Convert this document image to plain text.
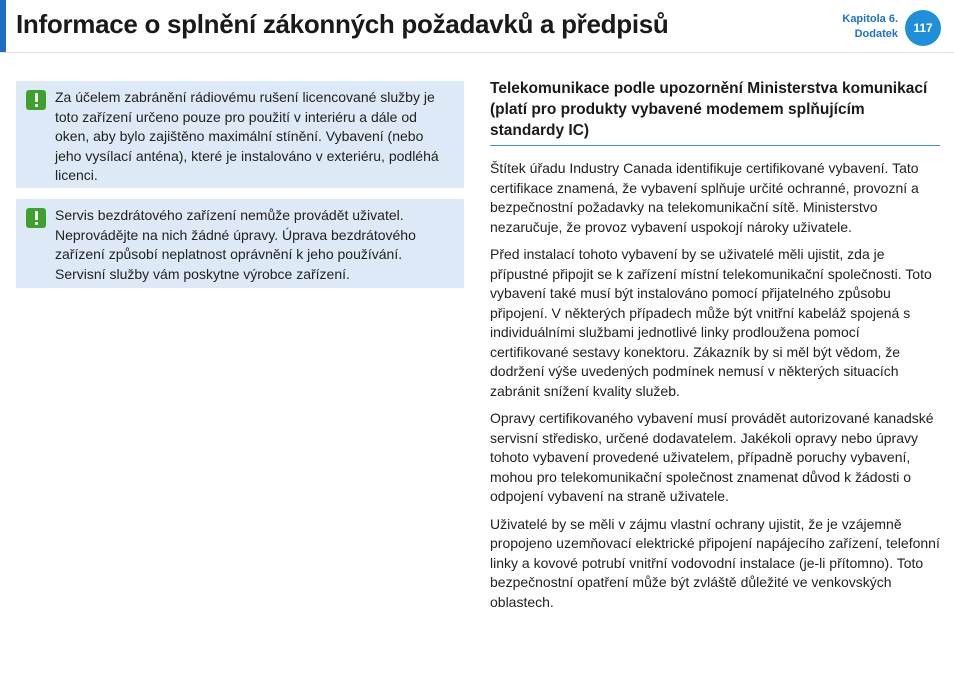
Informace o splnění zákonných požadavků a předpisů	Kapitola 6.
Dodatek	117
Za účelem zabránění rádiovému rušení licencované služby je toto zařízení určeno pouze pro použití v interiéru a dále od oken, aby bylo zajištěno maximální stínění. Vybavení (nebo jeho vysílací anténa), které je instalováno v exteriéru, podléhá licenci.
Servis bezdrátového zařízení nemůže provádět uživatel. Neprovádějte na nich žádné úpravy. Úprava bezdrátového zařízení způsobí neplatnost oprávnění k jeho používání. Servisní služby vám poskytne výrobce zařízení.
Telekomunikace podle upozornění Ministerstva komunikací (platí pro produkty vybavené modemem splňujícím standardy IC)

Štítek úřadu Industry Canada identifikuje certifikované vybavení. Tato certifikace znamená, že vybavení splňuje určité ochranné, provozní a bezpečnostní požadavky na telekomunikační sítě. Ministerstvo nezaručuje, že provoz vybavení uspokojí nároky uživatele.

Před instalací tohoto vybavení by se uživatelé měli ujistit, zda je přípustné připojit se k zařízení místní telekomunikační společnosti. Toto vybavení také musí být instalováno pomocí přijatelného způsobu připojení. V některých případech může být vnitřní kabeláž spojená s individuálními službami jednotlivé linky prodloužena pomocí certifikované sestavy konektoru. Zákazník by si měl být vědom, že dodržení výše uvedených podmínek nemusí v některých situacích zabránit snížení kvality služeb.

Opravy certifikovaného vybavení musí provádět autorizované kanadské servisní středisko, určené dodavatelem. Jakékoli opravy nebo úpravy tohoto vybavení provedené uživatelem, případně poruchy vybavení, mohou pro telekomunikační společnost znamenat důvod k žádosti o odpojení vybavení na straně uživatele.

Uživatelé by se měli v zájmu vlastní ochrany ujistit, že je vzájemně propojeno uzemňovací elektrické připojení napájecího zařízení, telefonní linky a kovové potrubí vnitřní vodovodní instalace (je-li přítomno). Toto bezpečnostní opatření může být zvláště důležité ve venkovských oblastech.
